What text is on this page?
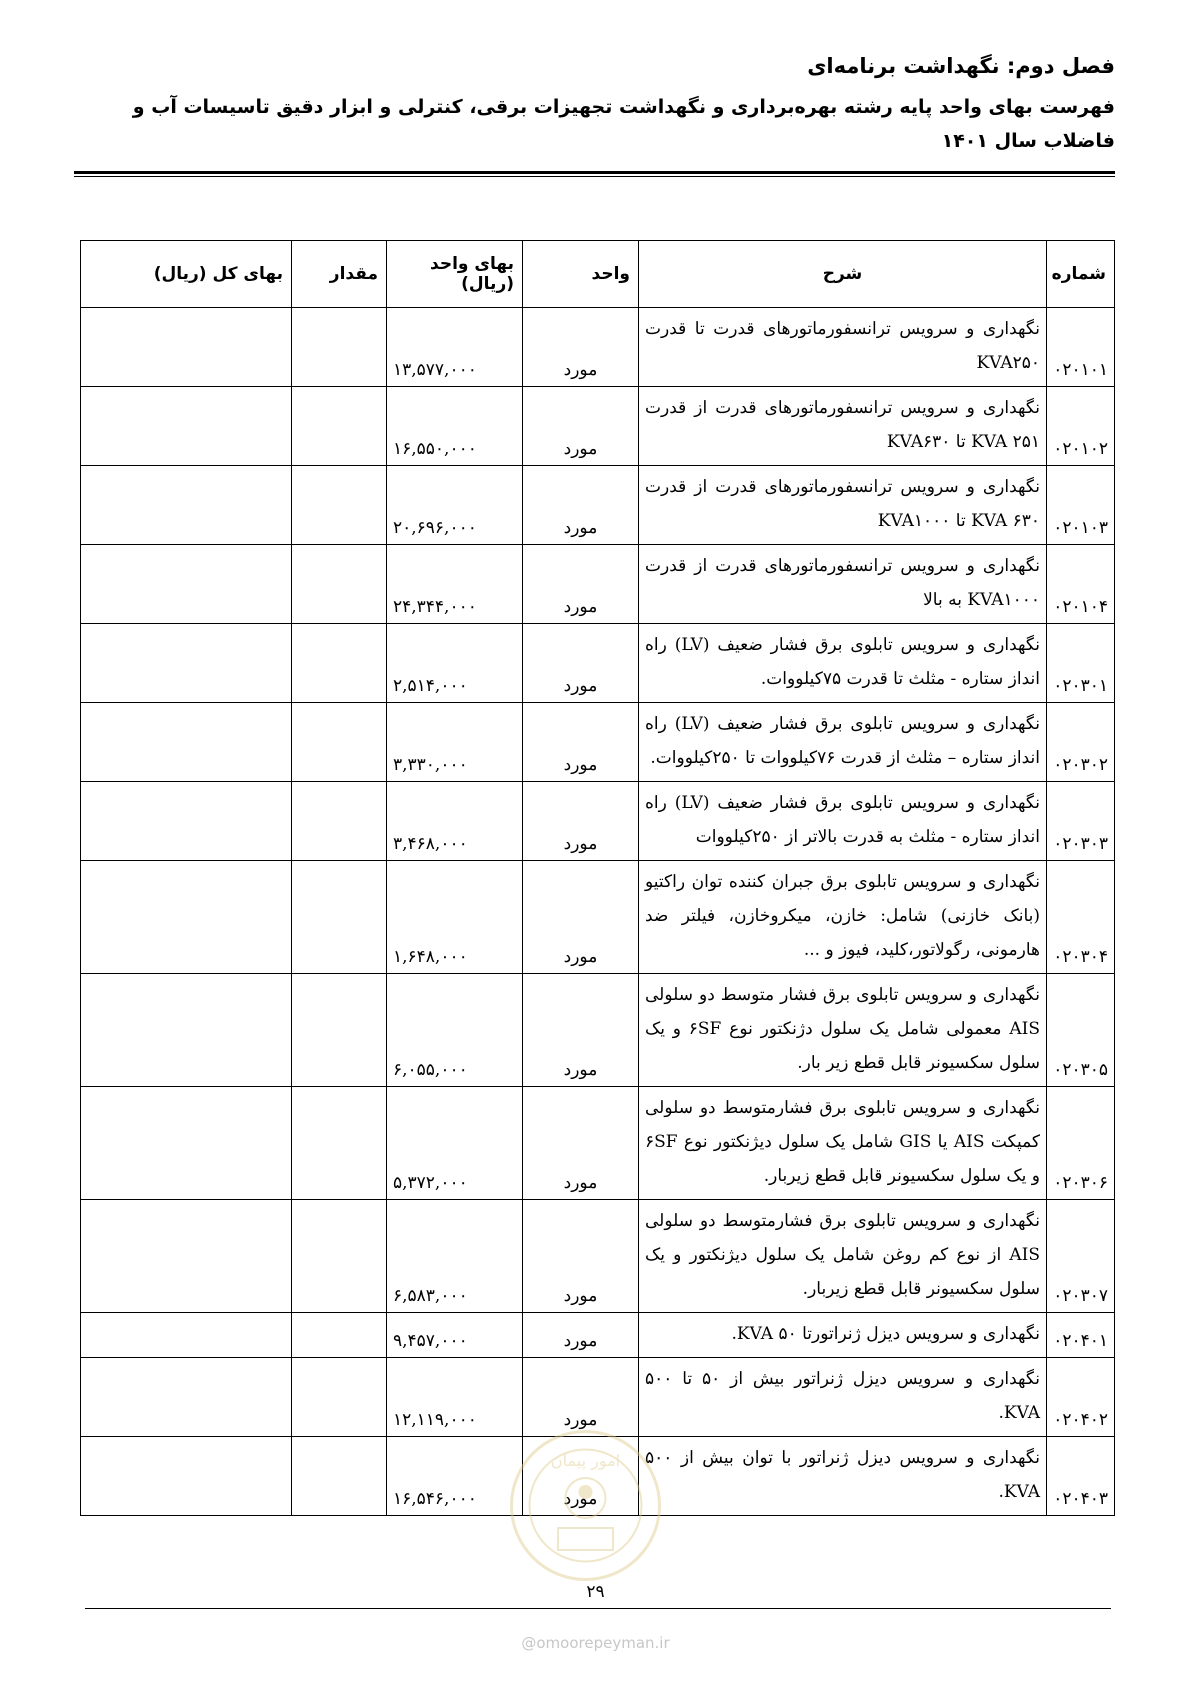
فصل دوم: نگهداشت برنامه‌ای
فهرست بهای واحد پایه رشته بهره‌برداری و نگهداشت تجهیزات برقی، کنترلی و ابزار دقیق تاسیسات آب و فاضلاب سال ۱۴۰۱
شماره	شرح	واحد	بهای واحد (ریال)	مقدار	بهای کل (ریال)
۰۲۰۱۰۱	نگهداری و سرویس ترانسفورماتورهای قدرت تا قدرت KVA۲۵۰	مورد	۱۳,۵۷۷,۰۰۰		
۰۲۰۱۰۲	نگهداری و سرویس ترانسفورماتورهای قدرت از قدرت KVA ۲۵۱ تا KVA۶۳۰	مورد	۱۶,۵۵۰,۰۰۰		
۰۲۰۱۰۳	نگهداری و سرویس ترانسفورماتورهای قدرت از قدرت KVA ۶۳۰ تا KVA۱۰۰۰	مورد	۲۰,۶۹۶,۰۰۰		
۰۲۰۱۰۴	نگهداری و سرویس ترانسفورماتورهای قدرت از قدرت KVA۱۰۰۰ به بالا	مورد	۲۴,۳۴۴,۰۰۰		
۰۲۰۳۰۱	نگهداری و سرویس تابلوی برق فشار ضعیف (LV) راه انداز ستاره - مثلث تا قدرت ۷۵کیلووات.	مورد	۲,۵۱۴,۰۰۰		
۰۲۰۳۰۲	نگهداری و سرویس تابلوی برق فشار ضعیف (LV) راه انداز ستاره – مثلث از قدرت ۷۶کیلووات تا ۲۵۰کیلووات.	مورد	۳,۳۳۰,۰۰۰		
۰۲۰۳۰۳	نگهداری و سرویس تابلوی برق فشار ضعیف (LV) راه انداز ستاره - مثلث به قدرت بالاتر از ۲۵۰کیلووات	مورد	۳,۴۶۸,۰۰۰		
۰۲۰۳۰۴	نگهداری و سرویس تابلوی برق جبران کننده توان راکتیو (بانک خازنی) شامل: خازن، میکروخازن، فیلتر ضد هارمونی، رگولاتور،کلید، فیوز و ...	مورد	۱,۶۴۸,۰۰۰		
۰۲۰۳۰۵	نگهداری و سرویس تابلوی برق فشار متوسط دو سلولی AIS معمولی شامل یک سلول دژنکتور نوع ۶SF و یک سلول سکسیونر قابل قطع زیر بار.	مورد	۶,۰۵۵,۰۰۰		
۰۲۰۳۰۶	نگهداری و سرویس تابلوی برق فشارمتوسط دو سلولی کمپکت AIS یا GIS شامل یک سلول دیژنکتور نوع ۶SF و یک سلول سکسیونر قابل قطع زیربار.	مورد	۵,۳۷۲,۰۰۰		
۰۲۰۳۰۷	نگهداری و سرویس تابلوی برق فشارمتوسط دو سلولی AIS از نوع کم روغن شامل یک سلول دیژنکتور و یک سلول سکسیونر قابل قطع زیربار.	مورد	۶,۵۸۳,۰۰۰		
۰۲۰۴۰۱	نگهداری و سرویس دیزل ژنراتورتا ۵۰ KVA.	مورد	۹,۴۵۷,۰۰۰		
۰۲۰۴۰۲	نگهداری و سرویس دیزل ژنراتور بیش از ۵۰ تا ۵۰۰ KVA.	مورد	۱۲,۱۱۹,۰۰۰		
۰۲۰۴۰۳	نگهداری و سرویس دیزل ژنراتور با توان بیش از ۵۰۰ KVA.	مورد	۱۶,۵۴۶,۰۰۰		
امور پیمان
۲۹
@omoorepeyman.ir
